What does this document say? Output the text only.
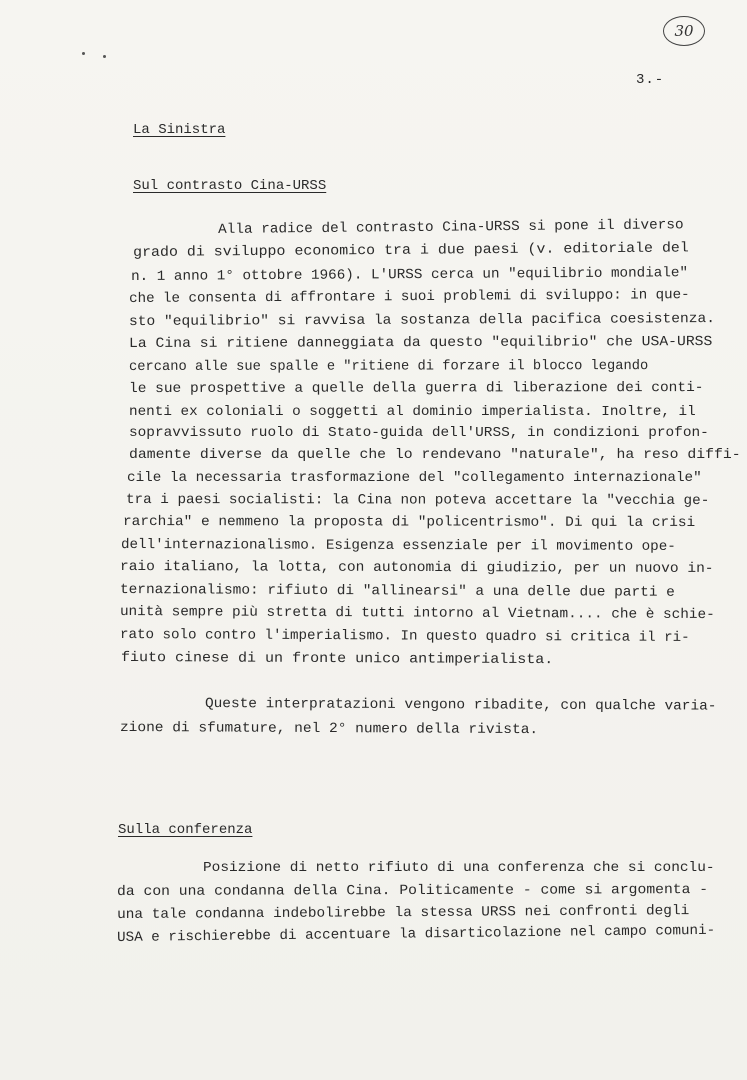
30
3.-
La Sinistra
Sul contrasto Cina-URSS
Alla radice del contrasto Cina-URSS si pone il diverso
grado di sviluppo economico tra i due paesi (v. editoriale del
n. 1 anno 1° ottobre 1966). L'URSS cerca un "equilibrio mondiale"
che le consenta di affrontare i suoi problemi di sviluppo: in que-
sto "equilibrio" si ravvisa la sostanza della pacifica coesistenza.
La Cina si ritiene danneggiata da questo "equilibrio" che USA-URSS
cercano alle sue spalle e "ritiene di forzare il blocco legando
le sue prospettive a quelle della guerra di liberazione dei conti-
nenti ex coloniali o soggetti al dominio imperialista. Inoltre, il
sopravvissuto ruolo di Stato-guida dell'URSS, in condizioni profon-
damente diverse da quelle che lo rendevano "naturale", ha reso diffi-
cile la necessaria trasformazione del "collegamento internazionale"
tra i paesi socialisti: la Cina non poteva accettare la "vecchia ge-
rarchia" e nemmeno la proposta di "policentrismo". Di qui la crisi
dell'internazionalismo. Esigenza essenziale per il movimento ope-
raio italiano, la lotta, con autonomia di giudizio, per un nuovo in-
ternazionalismo: rifiuto di "allinearsi" a una delle due parti e
unità sempre più stretta di tutti intorno al Vietnam.... che è schie-
rato solo contro l'imperialismo. In questo quadro si critica il ri-
fiuto cinese di un fronte unico antimperialista.
Queste interpratazioni vengono ribadite, con qualche varia-
zione di sfumature, nel 2° numero della rivista.
Sulla conferenza
Posizione di netto rifiuto di una conferenza che si conclu-
da con una condanna della Cina. Politicamente - come si argomenta -
una tale condanna indebolirebbe la stessa URSS nei confronti degli
USA e rischierebbe di accentuare la disarticolazione nel campo comuni-
